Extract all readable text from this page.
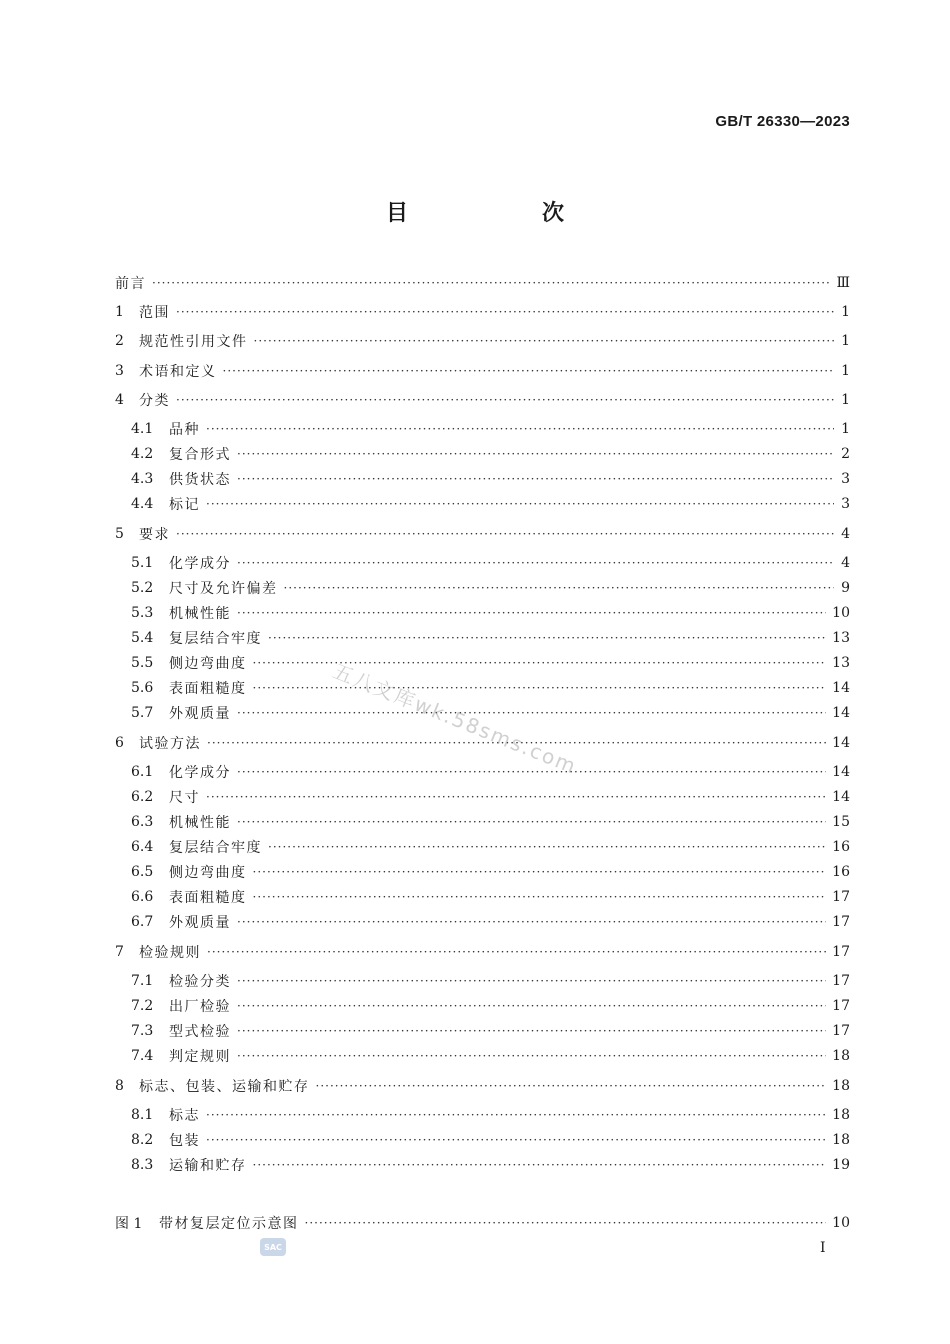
GB/T 26330—2023
目　次
前言 ·····	Ⅲ
1	范围 ·····	1
2	规范性引用文件 ·····	1
3	术语和定义 ·····	1
4	分类 ·····	1
4.1	品种 ·····	1
4.2	复合形式 ·····	2
4.3	供货状态 ·····	3
4.4	标记 ·····	3
5	要求 ·····	4
5.1	化学成分 ·····	4
5.2	尺寸及允许偏差 ·····	9
5.3	机械性能 ·····	10
5.4	复层结合牢度 ·····	13
5.5	侧边弯曲度 ·····	13
5.6	表面粗糙度 ·····	14
5.7	外观质量 ·····	14
6	试验方法 ·····	14
6.1	化学成分 ·····	14
6.2	尺寸 ·····	14
6.3	机械性能 ·····	15
6.4	复层结合牢度 ·····	16
6.5	侧边弯曲度 ·····	16
6.6	表面粗糙度 ·····	17
6.7	外观质量 ·····	17
7	检验规则 ·····	17
7.1	检验分类 ·····	17
7.2	出厂检验 ·····	17
7.3	型式检验 ·····	17
7.4	判定规则 ·····	18
8	标志、包装、运输和贮存 ·····	18
8.1	标志 ·····	18
8.2	包装 ·····	18
8.3	运输和贮存 ·····	19
图 1	带材复层定位示意图 ·····	10
五八文库wk.58sms.com
SAC	I
